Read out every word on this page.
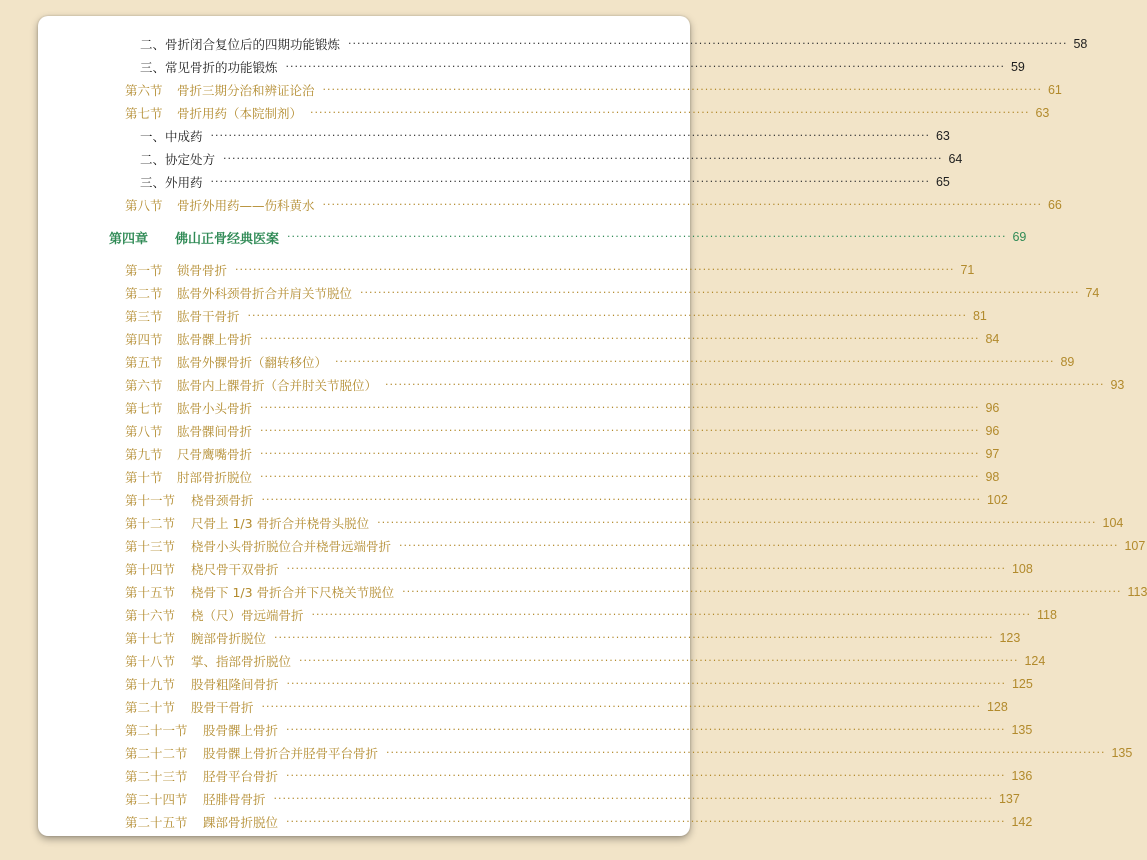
二、骨折闭合复位后的四期功能锻炼 ································································································································································ 58
三、常见骨折的功能锻炼 ································································································································································ 59
第六节 骨折三期分治和辨证论治 ································································································································································ 61
第七节 骨折用药（本院制剂） ································································································································································ 63
一、中成药 ································································································································································ 63
二、协定处方 ································································································································································ 64
三、外用药 ································································································································································ 65
第八节 骨折外用药——伤科黄水 ································································································································································ 66
第四章 佛山正骨经典医案 ································································································································································ 69
第一节 锁骨骨折 ································································································································································ 71
第二节 肱骨外科颈骨折合并肩关节脱位 ································································································································································ 74
第三节 肱骨干骨折 ································································································································································ 81
第四节 肱骨髁上骨折 ································································································································································ 84
第五节 肱骨外髁骨折（翻转移位） ································································································································································ 89
第六节 肱骨内上髁骨折（合并肘关节脱位） ································································································································································ 93
第七节 肱骨小头骨折 ································································································································································ 96
第八节 肱骨髁间骨折 ································································································································································ 96
第九节 尺骨鹰嘴骨折 ································································································································································ 97
第十节 肘部骨折脱位 ································································································································································ 98
第十一节 桡骨颈骨折 ································································································································································ 102
第十二节 尺骨上 1/3 骨折合并桡骨头脱位 ································································································································································ 104
第十三节 桡骨小头骨折脱位合并桡骨远端骨折 ································································································································································ 107
第十四节 桡尺骨干双骨折 ································································································································································ 108
第十五节 桡骨下 1/3 骨折合并下尺桡关节脱位 ································································································································································ 113
第十六节 桡（尺）骨远端骨折 ································································································································································ 118
第十七节 腕部骨折脱位 ································································································································································ 123
第十八节 掌、指部骨折脱位 ································································································································································ 124
第十九节 股骨粗隆间骨折 ································································································································································ 125
第二十节 股骨干骨折 ································································································································································ 128
第二十一节 股骨髁上骨折 ································································································································································ 135
第二十二节 股骨髁上骨折合并胫骨平台骨折 ································································································································································ 135
第二十三节 胫骨平台骨折 ································································································································································ 136
第二十四节 胫腓骨骨折 ································································································································································ 137
第二十五节 踝部骨折脱位 ································································································································································ 142
